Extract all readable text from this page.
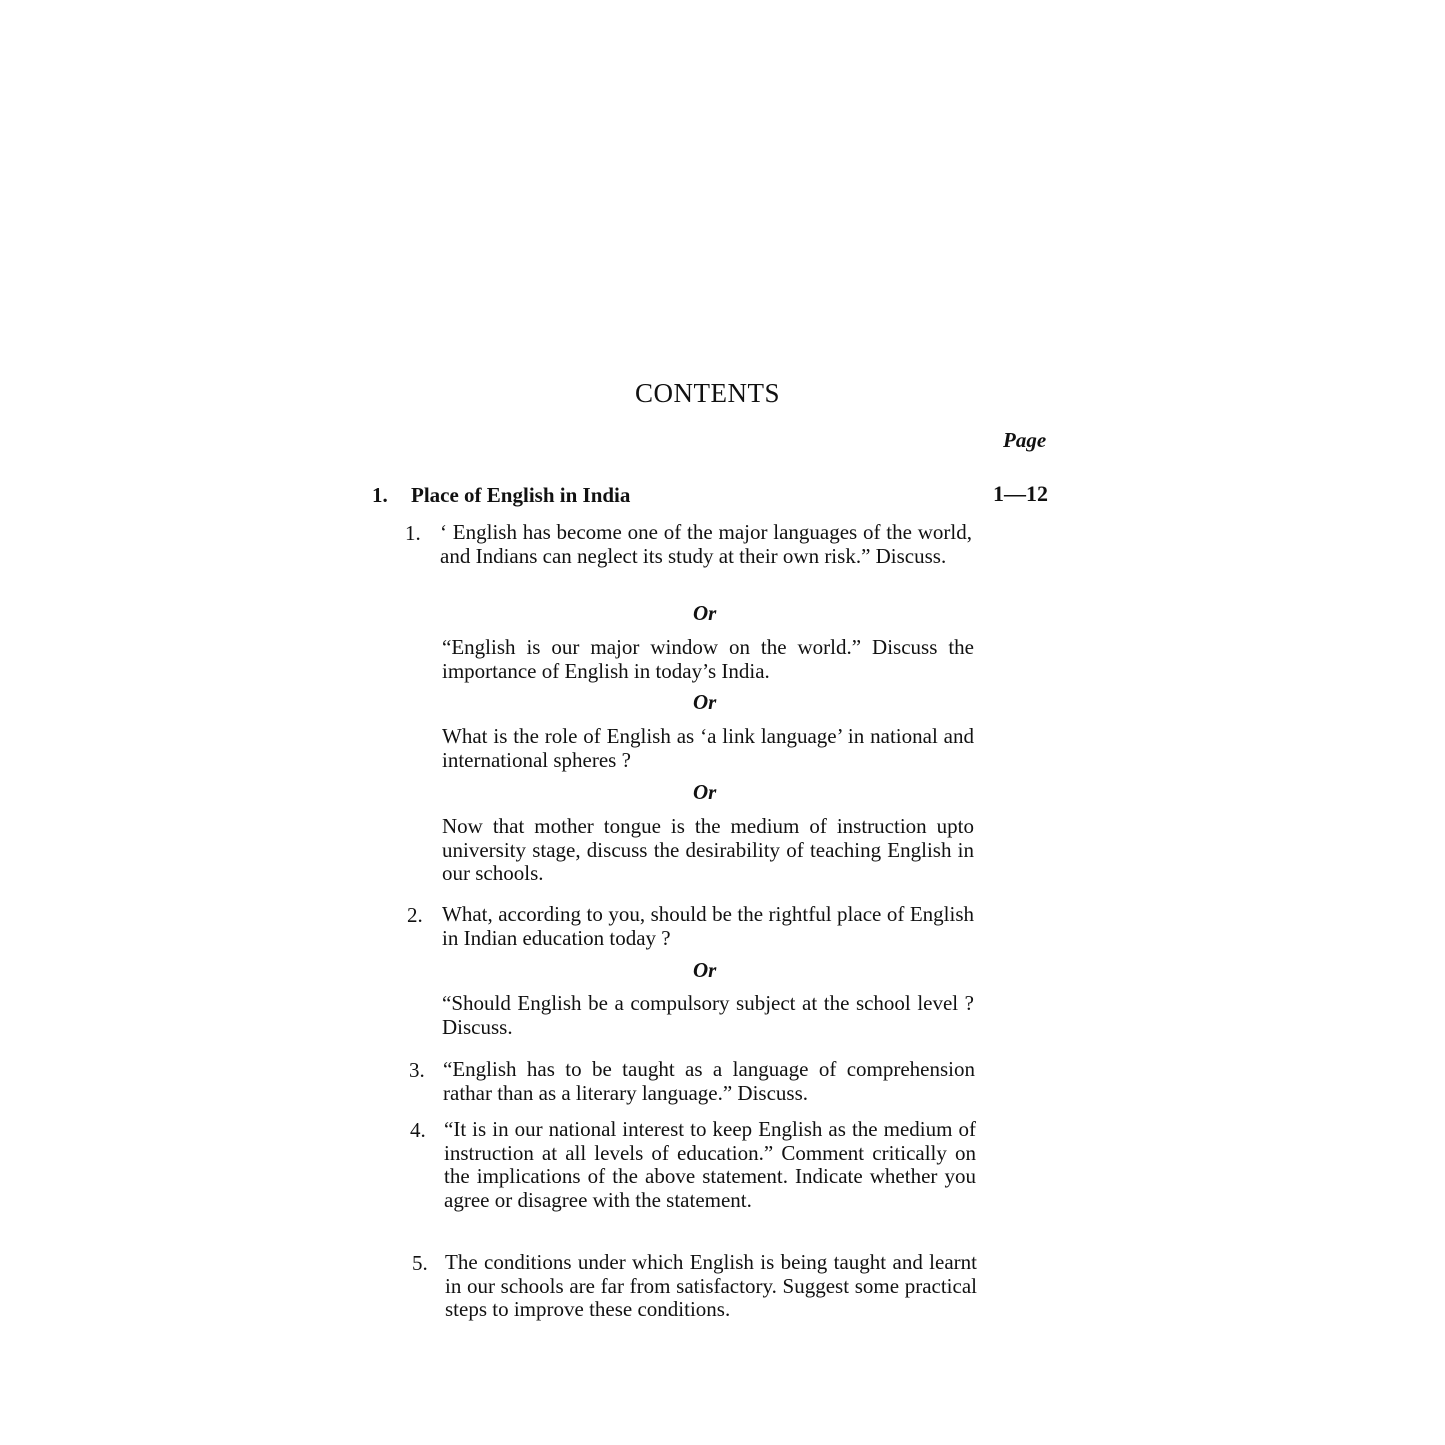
CONTENTS
Page
1. Place of English in India	1—12
1. ‘ English has become one of the major languages of the world, and Indians can neglect its study at their own risk.” Discuss.

Or

“English is our major window on the world.” Discuss the importance of English in today’s India.

Or

What is the role of English as ‘a link language’ in national and international spheres ?

Or

Now that mother tongue is the medium of instruction upto university stage, discuss the desirability of teaching English in our schools.

2. What, according to you, should be the rightful place of English in Indian education today ?

Or

“Should English be a compulsory subject at the school level ? Discuss.

3. “English has to be taught as a language of comprehension rathar than as a literary language.” Discuss.

4. “It is in our national interest to keep English as the medium of instruction at all levels of education.” Comment critically on the implications of the above statement. Indicate whether you agree or disagree with the statement.

5. The conditions under which English is being taught and learnt in our schools are far from satisfactory. Suggest some practical steps to improve these conditions.
